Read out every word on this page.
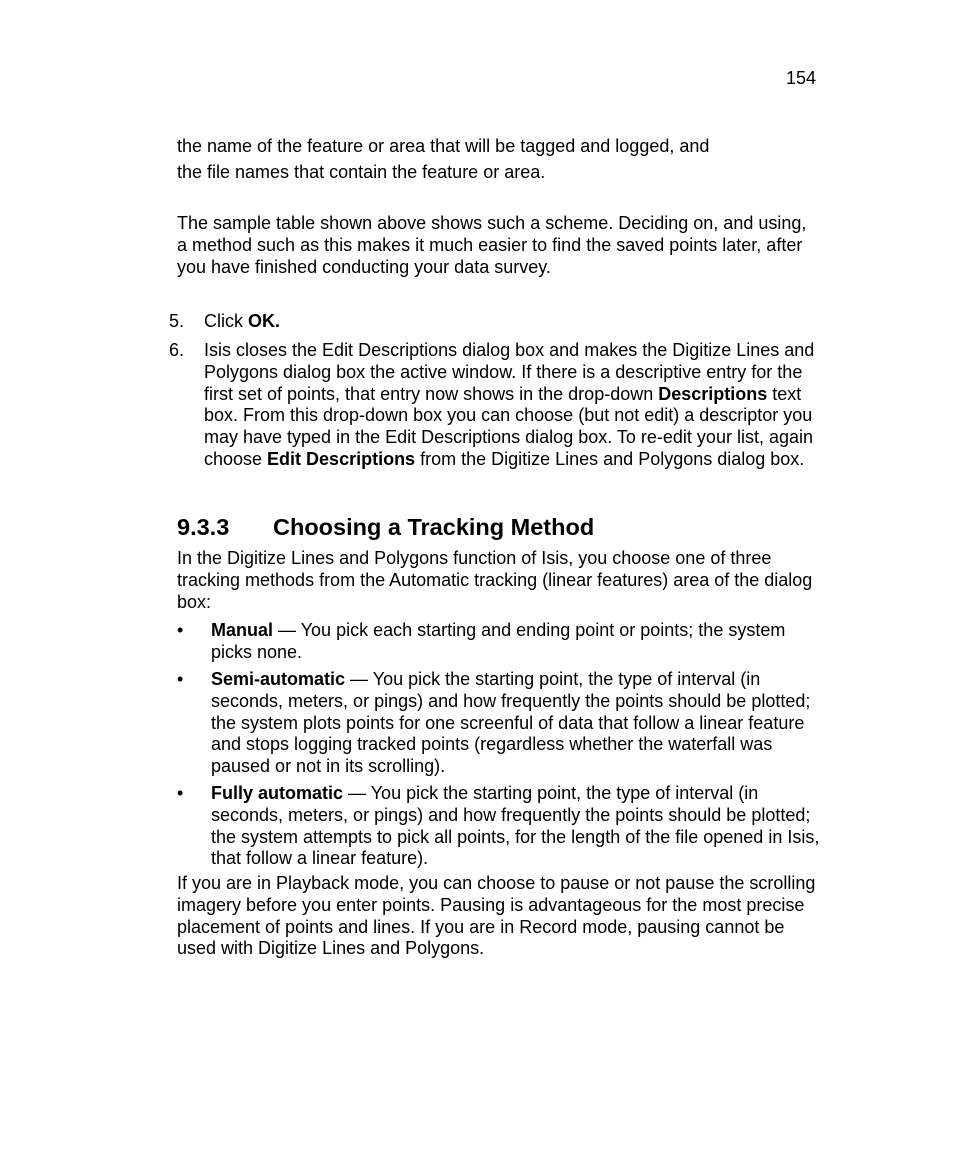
154
the name of the feature or area that will be tagged and logged, and
the file names that contain the feature or area.
The sample table shown above shows such a scheme. Deciding on, and using, a method such as this makes it much easier to find the saved points later, after you have finished conducting your data survey.
5. Click OK.
6. Isis closes the Edit Descriptions dialog box and makes the Digitize Lines and Polygons dialog box the active window. If there is a descriptive entry for the first set of points, that entry now shows in the drop-down Descriptions text box. From this drop-down box you can choose (but not edit) a descriptor you may have typed in the Edit Descriptions dialog box. To re-edit your list, again choose Edit Descriptions from the Digitize Lines and Polygons dialog box.
9.3.3 Choosing a Tracking Method
In the Digitize Lines and Polygons function of Isis, you choose one of three tracking methods from the Automatic tracking (linear features) area of the dialog box:
• Manual — You pick each starting and ending point or points; the system picks none.
• Semi-automatic — You pick the starting point, the type of interval (in seconds, meters, or pings) and how frequently the points should be plotted; the system plots points for one screenful of data that follow a linear feature and stops logging tracked points (regardless whether the waterfall was paused or not in its scrolling).
• Fully automatic — You pick the starting point, the type of interval (in seconds, meters, or pings) and how frequently the points should be plotted; the system attempts to pick all points, for the length of the file opened in Isis, that follow a linear feature).
If you are in Playback mode, you can choose to pause or not pause the scrolling imagery before you enter points. Pausing is advantageous for the most precise placement of points and lines. If you are in Record mode, pausing cannot be used with Digitize Lines and Polygons.
